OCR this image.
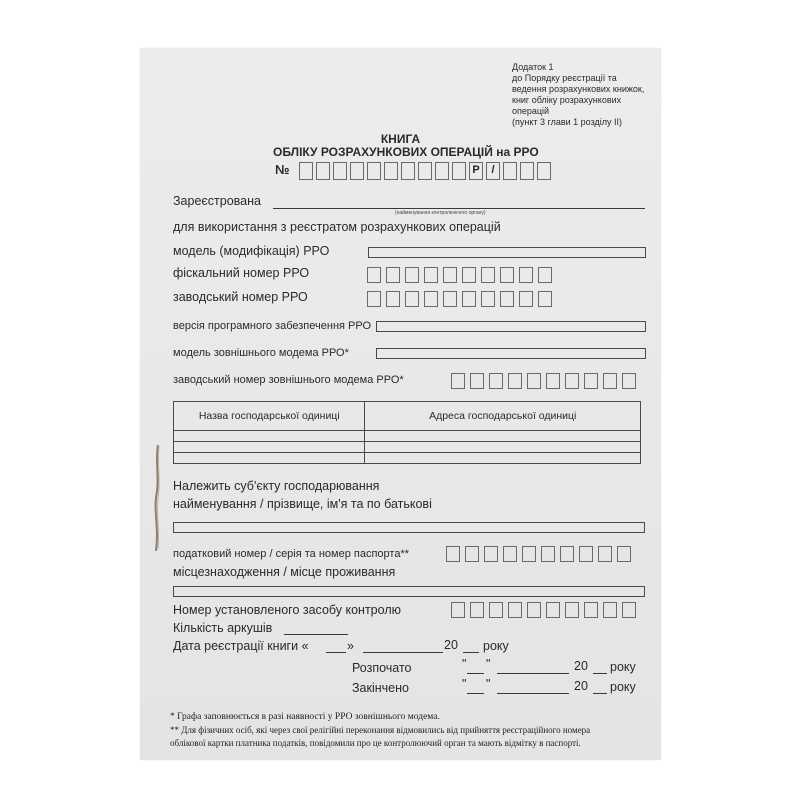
Додаток 1
до Порядку реєстрації та
ведення розрахункових книжок,
книг обліку розрахункових
операцій
(пункт 3 глави 1 розділу ІІ)
КНИГА
ОБЛІКУ РОЗРАХУНКОВИХ ОПЕРАЦІЙ на РРО
№	Р	/
Зареєстрована
(найменування контролюючого органу)
для використання з реєстратом розрахункових операцій
модель (модифікація) РРО
фіскальний номер РРО
заводський номер РРО
версія програмного забезпечення РРО
модель зовнішнього модема РРО*
заводський номер зовнішнього модема РРО*
Назва господарської одиниці	Адреса господарської одиниці

Належить суб'єкту господарювання
найменування / прізвище, ім'я та по батькові
податковий номер / серія та номер паспорта**
місцезнаходження / місце проживання
Номер установленого засобу контролю
Кількість аркушів
Дата реєстрації книги «	»	20 року
Розпочато	" "	20 року
Закінчено	" "	20 року
* Графа заповнюється в разі наявності у РРО зовнішнього модема.
** Для фізичних осіб, які через свої релігійні переконання відмовились від прийняття реєстраційного номера
облікової картки платника податків, повідомили про це контролюючий орган та мають відмітку в паспорті.
